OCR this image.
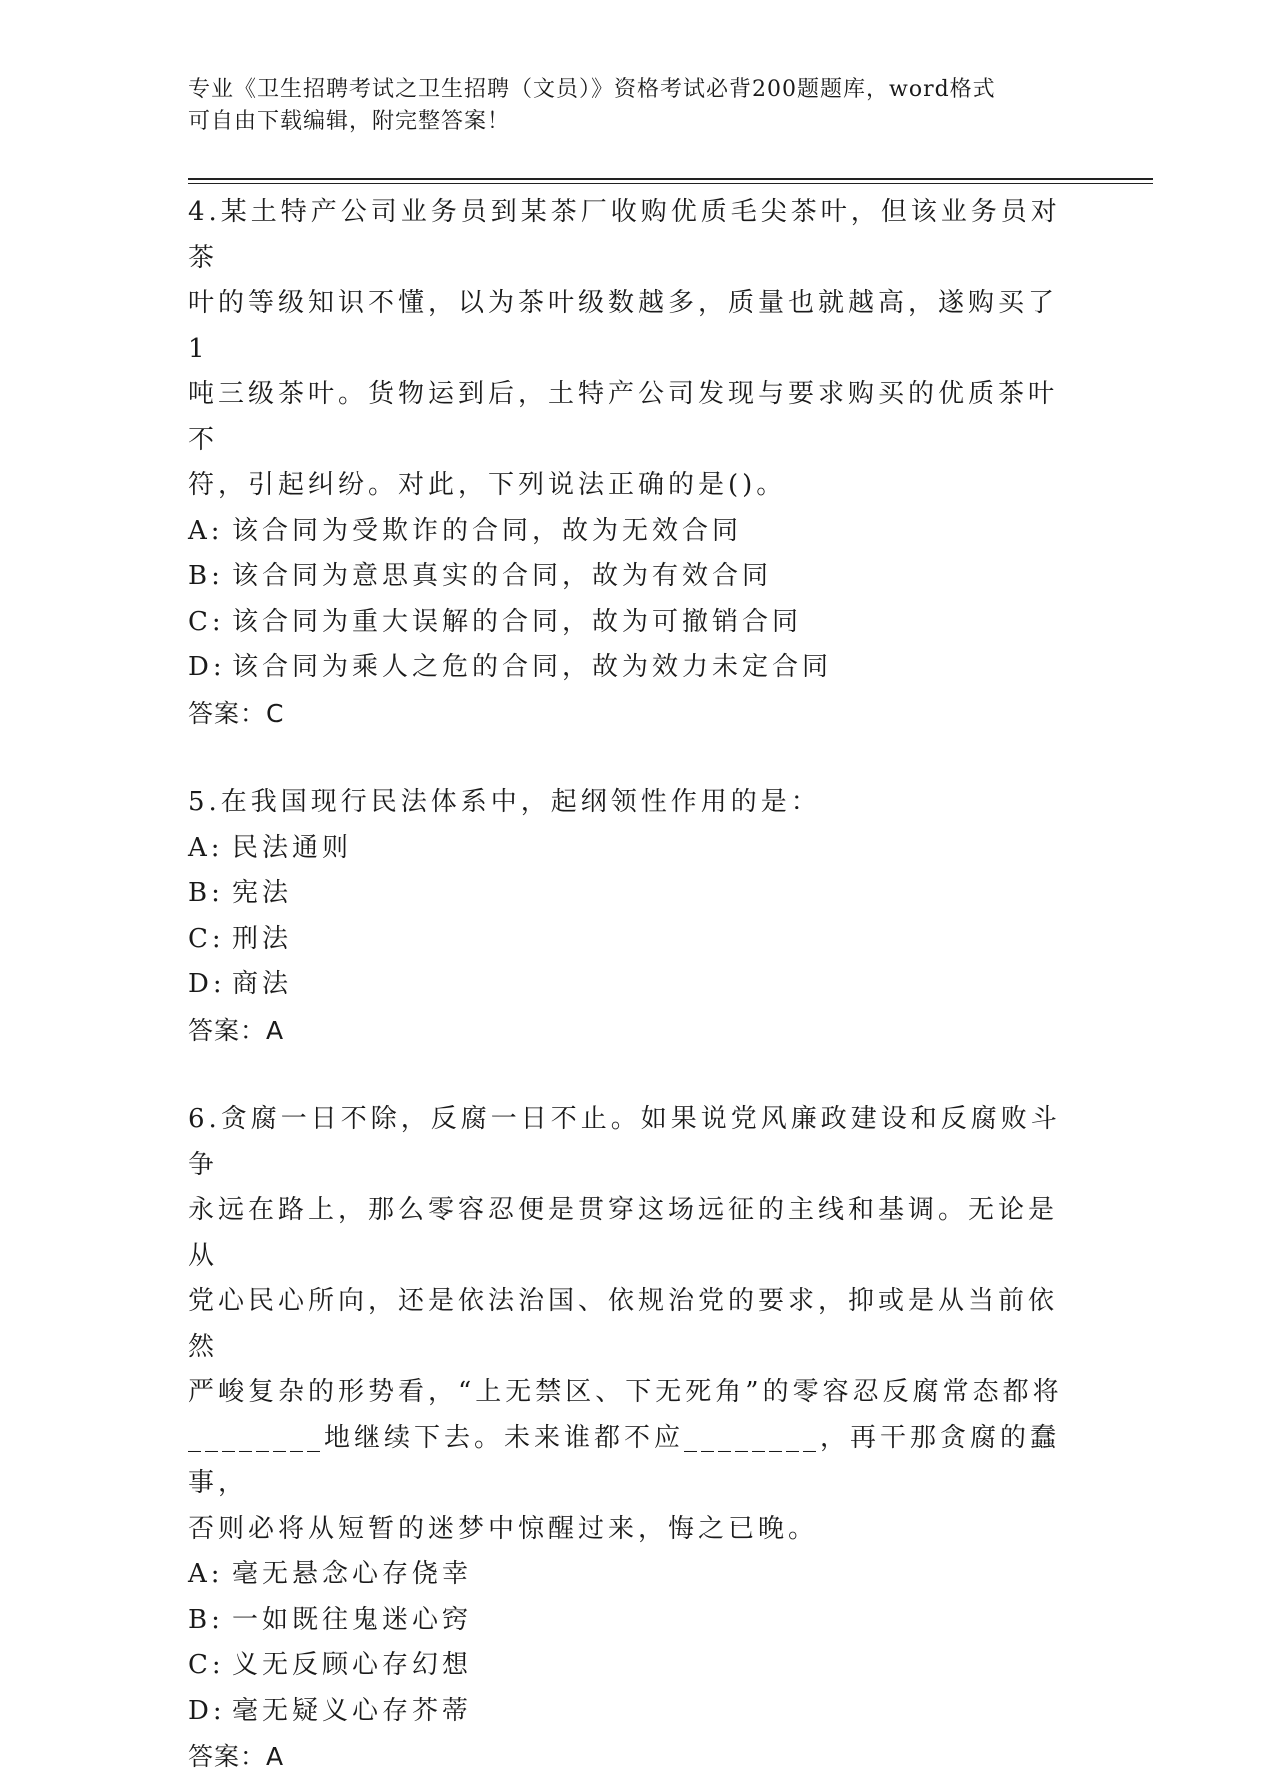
专业《卫生招聘考试之卫生招聘（文员）》资格考试必背200题题库，word格式
可自由下载编辑，附完整答案！

4.某土特产公司业务员到某茶厂收购优质毛尖茶叶，但该业务员对茶

叶的等级知识不懂，以为茶叶级数越多，质量也就越高，遂购买了1

吨三级茶叶。货物运到后，土特产公司发现与要求购买的优质茶叶不

符，引起纠纷。对此，下列说法正确的是()。

A: 该合同为受欺诈的合同，故为无效合同

B: 该合同为意思真实的合同，故为有效合同

C: 该合同为重大误解的合同，故为可撤销合同

D: 该合同为乘人之危的合同，故为效力未定合同

答案：C

5.在我国现行民法体系中，起纲领性作用的是：

A: 民法通则

B: 宪法

C: 刑法

D: 商法

答案：A

6.贪腐一日不除，反腐一日不止。如果说党风廉政建设和反腐败斗争

永远在路上，那么零容忍便是贯穿这场远征的主线和基调。无论是从

党心民心所向，还是依法治国、依规治党的要求，抑或是从当前依然

严峻复杂的形势看，“上无禁区、下无死角”的零容忍反腐常态都将

________地继续下去。未来谁都不应________，再干那贪腐的蠢事，

否则必将从短暂的迷梦中惊醒过来，悔之已晚。

A: 毫无悬念心存侥幸

B: 一如既往鬼迷心窍

C: 义无反顾心存幻想

D: 毫无疑义心存芥蒂

答案：A
